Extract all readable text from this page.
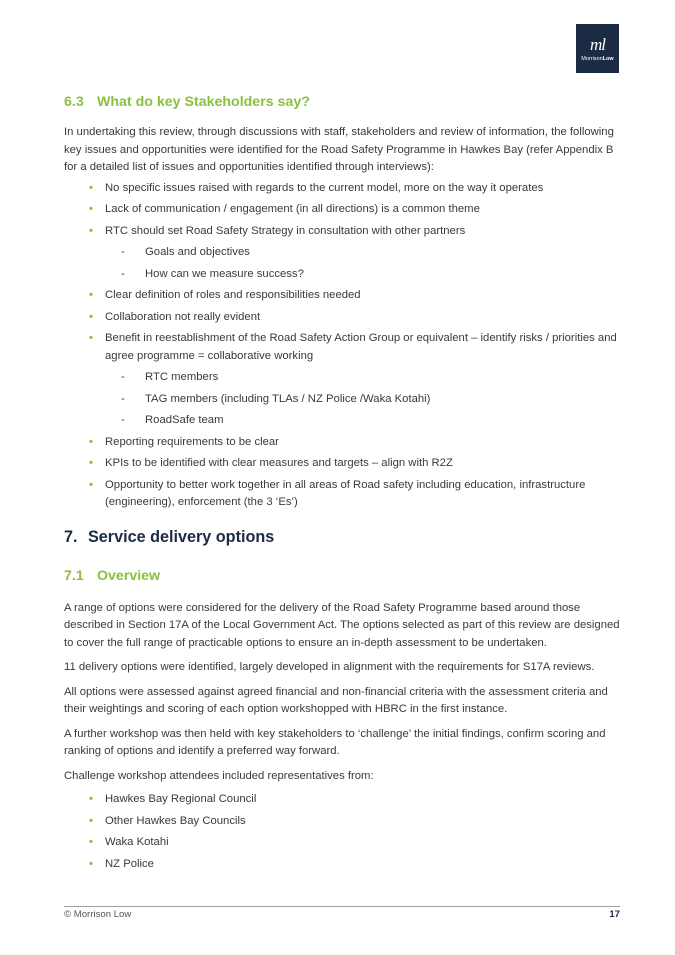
ml
MorrisonLow
6.3 What do key Stakeholders say?

In undertaking this review, through discussions with staff, stakeholders and review of information, the following key issues and opportunities were identified for the Road Safety Programme in Hawkes Bay (refer Appendix B for a detailed list of issues and opportunities identified through interviews):

• No specific issues raised with regards to the current model, more on the way it operates
• Lack of communication / engagement (in all directions) is a common theme
• RTC should set Road Safety Strategy in consultation with other partners
- Goals and objectives
- How can we measure success?
• Clear definition of roles and responsibilities needed
• Collaboration not really evident
• Benefit in reestablishment of the Road Safety Action Group or equivalent – identify risks / priorities and agree programme = collaborative working
- RTC members
- TAG members (including TLAs / NZ Police /Waka Kotahi)
- RoadSafe team
• Reporting requirements to be clear
• KPIs to be identified with clear measures and targets – align with R2Z
• Opportunity to better work together in all areas of Road safety including education, infrastructure (engineering), enforcement (the 3 ‘Es’)
7. Service delivery options
7.1 Overview

A range of options were considered for the delivery of the Road Safety Programme based around those described in Section 17A of the Local Government Act. The options selected as part of this review are designed to cover the full range of practicable options to ensure an in-depth assessment to be undertaken.

11 delivery options were identified, largely developed in alignment with the requirements for S17A reviews.

All options were assessed against agreed financial and non-financial criteria with the assessment criteria and their weightings and scoring of each option workshopped with HBRC in the first instance.

A further workshop was then held with key stakeholders to ‘challenge’ the initial findings, confirm scoring and ranking of options and identify a preferred way forward.

Challenge workshop attendees included representatives from:

• Hawkes Bay Regional Council
• Other Hawkes Bay Councils
• Waka Kotahi
• NZ Police
© Morrison Low	17
